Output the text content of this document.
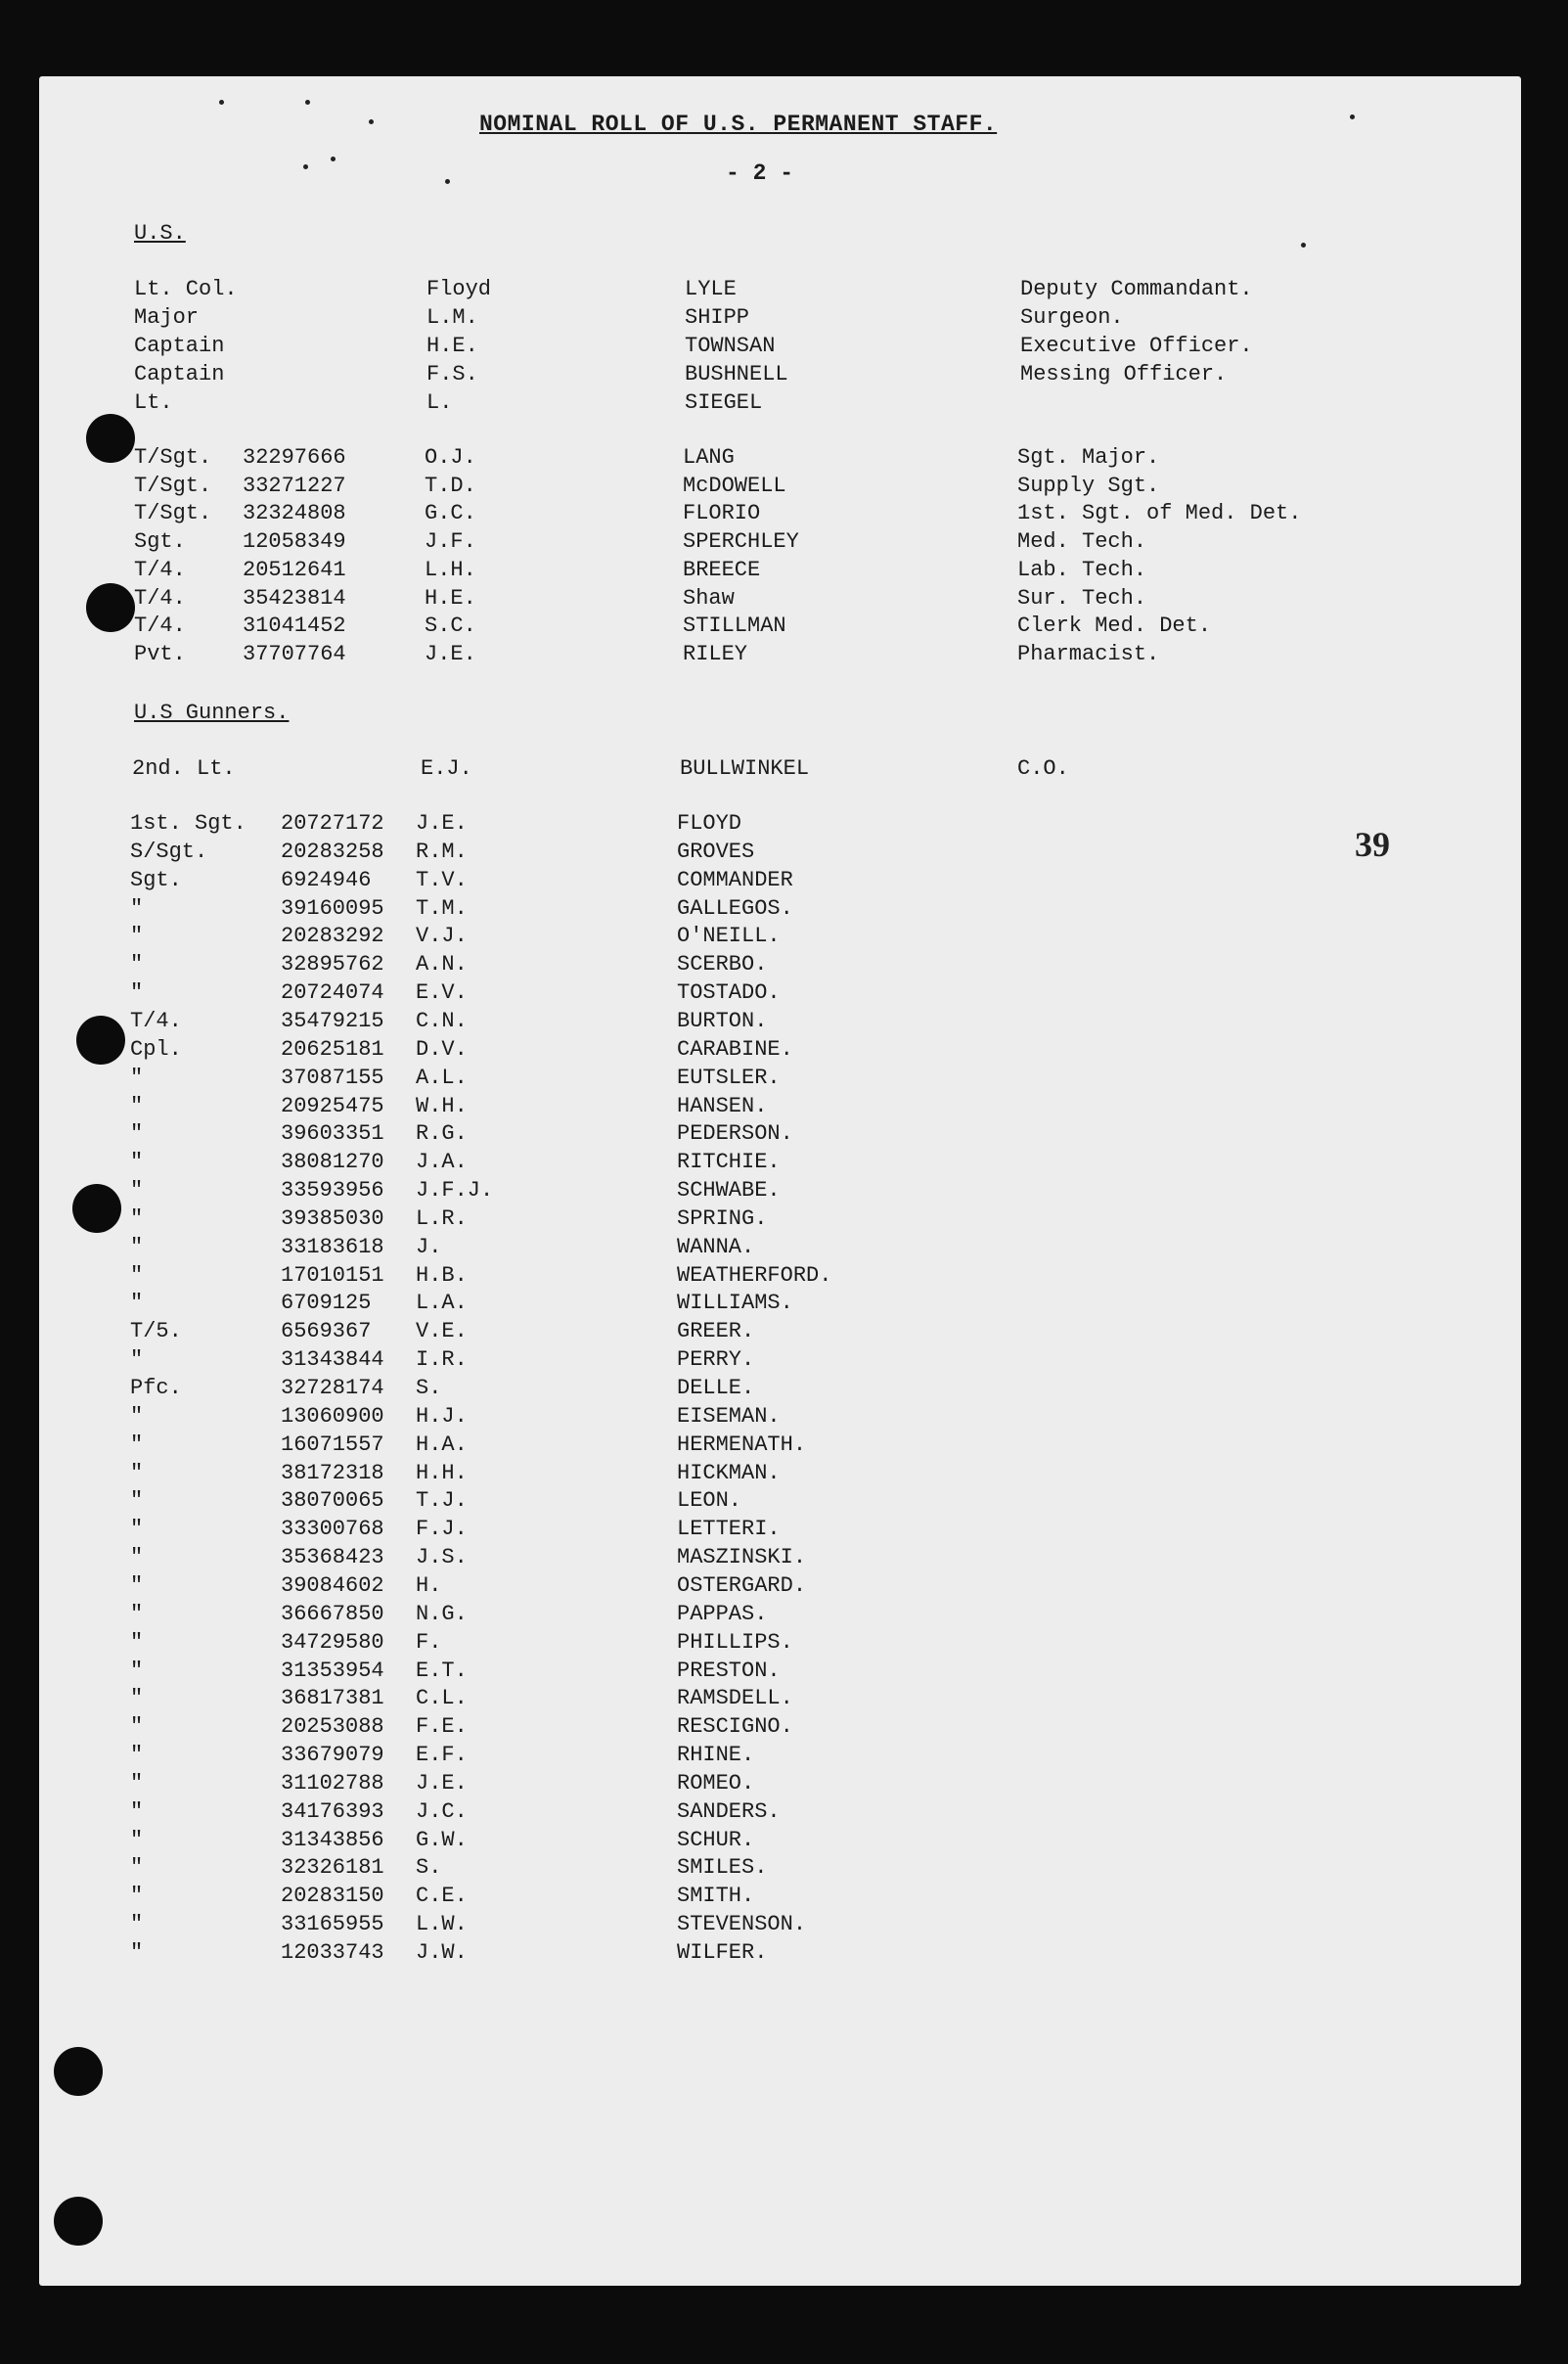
NOMINAL ROLL OF U.S. PERMANENT STAFF.
- 2 -
39
U.S.
U.S Gunners.
Lt. Col.	Floyd	LYLE	Deputy Commandant.
Major	L.M.	SHIPP	Surgeon.
Captain	H.E.	TOWNSAN	Executive Officer.
Captain	F.S.	BUSHNELL	Messing Officer.
Lt.	L.	SIEGEL
T/Sgt. 32297666	O.J.	LANG	Sgt. Major.
T/Sgt. 33271227	T.D.	McDOWELL	Supply Sgt.
T/Sgt. 32324808	G.C.	FLORIO	1st. Sgt. of Med. Det.
Sgt.	12058349	J.F.	SPERCHLEY	Med. Tech.
T/4.	20512641	L.H.	BREECE	Lab. Tech.
T/4.	35423814	H.E.	Shaw	Sur. Tech.
T/4.	31041452	S.C.	STILLMAN	Clerk Med. Det.
Pvt.	37707764	J.E.	RILEY	Pharmacist.
2nd. Lt.	E.J.	BULLWINKEL	C.O.
1st. Sgt. 20727172 J.E.	FLOYD
S/Sgt.	20283258 R.M.	GROVES
Sgt.	6924946 T.V.	COMMANDER
"	39160095 T.M.	GALLEGOS.
"	20283292 V.J.	O'NEILL.
"	32895762 A.N.	SCERBO.
"	20724074 E.V.	TOSTADO.
T/4.	35479215 C.N.	BURTON.
Cpl.	20625181 D.V.	CARABINE.
"	37087155 A.L.	EUTSLER.
"	20925475 W.H.	HANSEN.
"	39603351 R.G.	PEDERSON.
"	38081270 J.A.	RITCHIE.
"	33593956 J.F.J.	SCHWABE.
"	39385030 L.R.	SPRING.
"	33183618 J.	WANNA.
"	17010151 H.B.	WEATHERFORD.
"	6709125 L.A.	WILLIAMS.
T/5.	6569367 V.E.	GREER.
"	31343844 I.R.	PERRY.
Pfc.	32728174 S.	DELLE.
"	13060900 H.J.	EISEMAN.
"	16071557 H.A.	HERMENATH.
"	38172318 H.H.	HICKMAN.
"	38070065 T.J.	LEON.
"	33300768 F.J.	LETTERI.
"	35368423 J.S.	MASZINSKI.
"	39084602 H.	OSTERGARD.
"	36667850 N.G.	PAPPAS.
"	34729580 F.	PHILLIPS.
"	31353954 E.T.	PRESTON.
"	36817381 C.L.	RAMSDELL.
"	20253088 F.E.	RESCIGNO.
"	33679079 E.F.	RHINE.
"	31102788 J.E.	ROMEO.
"	34176393 J.C.	SANDERS.
"	31343856 G.W.	SCHUR.
"	32326181 S.	SMILES.
"	20283150 C.E.	SMITH.
"	33165955 L.W.	STEVENSON.
"	12033743 J.W.	WILFER.
